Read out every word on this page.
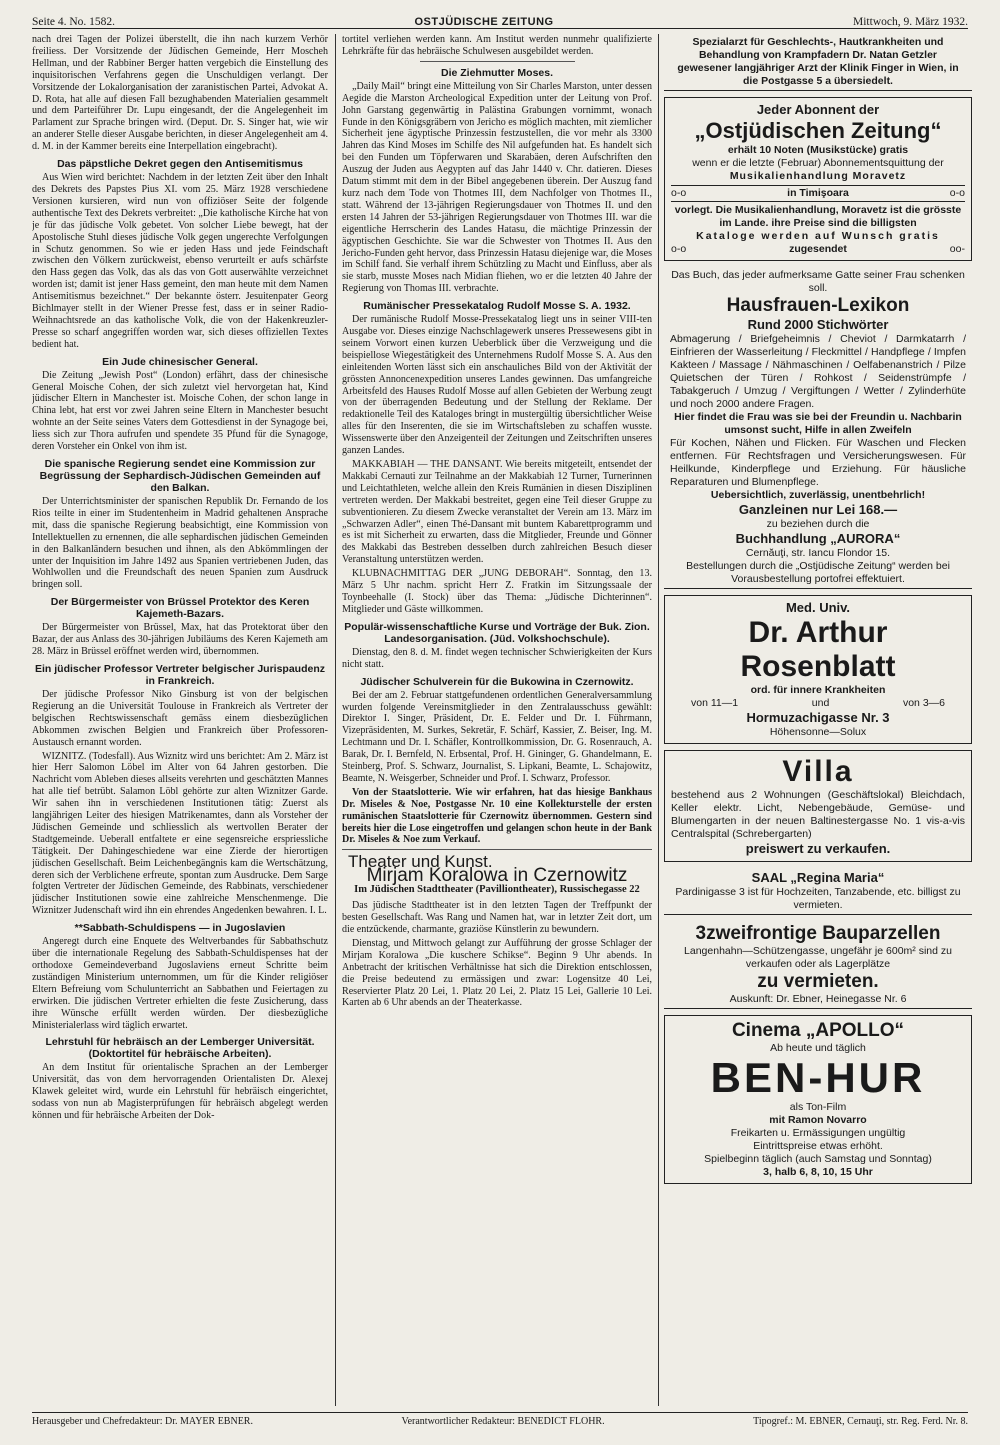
Seite 4. No. 1582.	OSTJÜDISCHE ZEITUNG	Mittwoch, 9. März 1932.

nach drei Tagen der Polizei überstellt, die ihn nach kurzem Verhör freiliess. Der Vorsitzende der Jüdischen Gemeinde, Herr Moscheh Hellman, und der Rabbiner Berger hatten vergebich die Einstellung des inquisitorischen Verfahrens gegen die Unschuldigen verlangt. Der Vorsitzende der Lokalorganisation der zaranistischen Partei, Advokat A. D. Rota, hat alle auf diesen Fall bezughabenden Materialien gesammelt und dem Parteiführer Dr. Lupu eingesandt, der die Angelegenheit im Parlament zur Sprache bringen wird. (Deput. Dr. S. Singer hat, wie wir an anderer Stelle dieser Ausgabe berichten, in dieser Angelegenheit am 4. d. M. in der Kammer bereits eine Interpellation eingebracht).

Das päpstliche Dekret gegen den Antisemitismus

Aus Wien wird berichtet: Nachdem in der letzten Zeit über den Inhalt des Dekrets des Papstes Pius XI. vom 25. März 1928 verschiedene Versionen kursieren, wird nun von offiziöser Seite der folgende authentische Text des Dekrets verbreitet: „Die katholische Kirche hat von je für das jüdische Volk gebetet. Von solcher Liebe bewegt, hat der Apostolische Stuhl dieses jüdische Volk gegen ungerechte Verfolgungen in Schutz genommen. So wie er jeden Hass und jede Feindschaft zwischen den Völkern zurückweist, ebenso verurteilt er aufs schärfste den Hass gegen das Volk, das als das von Gott auserwählte verzeichnet worden ist; damit ist jener Hass gemeint, den man heute mit dem Namen Antisemitismus bezeichnet.“ Der bekannte österr. Jesuitenpater Georg Bichlmayer stellt in der Wiener Presse fest, dass er in seiner Radio-Weihnachtsrede an das katholische Volk, die von der Hakenkreuzler-Presse so scharf angegriffen worden war, sich dieses offiziellen Textes bedient hat.

Ein Jude chinesischer General.

Die Zeitung „Jewish Post“ (London) erfährt, dass der chinesische General Moische Cohen, der sich zuletzt viel hervorgetan hat, Kind jüdischer Eltern in Manchester ist. Moische Cohen, der schon lange in China lebt, hat erst vor zwei Jahren seine Eltern in Manchester besucht wohnte an der Seite seines Vaters dem Gottesdienst in der Synagoge bei, liess sich zur Thora aufrufen und spendete 35 Pfund für die Synagoge, deren Vorsteher ein Onkel von ihm ist.

Die spanische Regierung sendet eine Kommission zur Begrüssung der Sephardisch-Jüdischen Gemeinden auf den Balkan.

Der Unterrichtsminister der spanischen Republik Dr. Fernando de los Rios teilte in einer im Studentenheim in Madrid gehaltenen Ansprache mit, dass die spanische Regierung beabsichtigt, eine Kommission von Intellektuellen zu ernennen, die alle sephardischen jüdischen Gemeinden in den Balkanländern besuchen und ihnen, als den Abkömmlingen der unter der Inquisition im Jahre 1492 aus Spanien vertriebenen Juden, das Wohlwollen und die Freundschaft des neuen Spanien zum Ausdruck bringen soll.

Der Bürgermeister von Brüssel Protektor des Keren Kajemeth-Bazars.

Der Bürgermeister von Brüssel, Max, hat das Protektorat über den Bazar, der aus Anlass des 30-jährigen Jubiläums des Keren Kajemeth am 28. März in Brüssel eröffnet werden wird, übernommen.

Ein jüdischer Professor Vertreter belgischer Jurispaudenz in Frankreich.

Der jüdische Professor Niko Ginsburg ist von der belgischen Regierung an die Universität Toulouse in Frankreich als Vertreter der belgischen Rechtswissenschaft gemäss einem diesbezüglichen Abkommen zwischen Belgien und Frankreich über Professoren-Austausch ernannt worden.

WIZNITZ. (Todesfall). Aus Wiznitz wird uns berichtet: Am 2. März ist hier Herr Salomon Löbel im Alter von 64 Jahren gestorben. Die Nachricht vom Ableben dieses allseits verehrten und geschätzten Mannes hat alle tief betrübt. Salamon Löbl gehörte zur alten Wiznitzer Garde. Wir sahen ihn in verschiedenen Institutionen tätig: Zuerst als langjährigen Leiter des hiesigen Matrikenamtes, dann als Vorsteher der Jüdischen Gemeinde und schliesslich als wertvollen Berater der Stadtgemeinde. Ueberall entfaltete er eine segensreiche erspriessliche Tätigkeit. Der Dahingeschiedene war eine Zierde der hierortigen jüdischen Gesellschaft. Beim Leichenbegängnis kam die Wertschätzung, deren sich der Verblichene erfreute, spontan zum Ausdrucke. Dem Sarge folgten Vertreter der Jüdischen Gemeinde, des Rabbinats, verschiedener jüdischer Institutionen sowie eine zahlreiche Menschenmenge. Die Wiznitzer Judenschaft wird ihn ein ehrendes Angedenken bewahren. I. L.

**Sabbath-Schuldispens — in Jugoslavien

Angeregt durch eine Enquete des Weltverbandes für Sabbathschutz über die internationale Regelung des Sabbath-Schuldispenses hat der orthodoxe Gemeindeverband Jugoslaviens erneut Schritte beim zuständigen Ministerium unternommen, um für die Kinder religiöser Eltern Befreiung vom Schulunterricht an Sabbathen und Feiertagen zu erwirken. Die jüdischen Vertreter erhielten die feste Zusicherung, dass ihre Wünsche erfüllt werden würden. Der diesbezügliche Ministerialerlass wird täglich erwartet.

Lehrstuhl für hebräisch an der Lemberger Universität. (Doktortitel für hebräische Arbeiten).

An dem Institut für orientalische Sprachen an der Lemberger Universität, das von dem hervorragenden Orientalisten Dr. Alexej Klawek geleitet wird, wurde ein Lehrstuhl für hebräisch eingerichtet, sodass von nun ab Magisterprüfungen für hebräisch abgelegt werden können und für hebräische Arbeiten der Dok-

tortitel verliehen werden kann. Am Institut werden nunmehr qualifizierte Lehrkräfte für das hebräische Schulwesen ausgebildet werden.

Die Ziehmutter Moses.

„Daily Mail“ bringt eine Mitteilung von Sir Charles Marston, unter dessen Aegide die Marston Archeological Expedition unter der Leitung von Prof. John Garstang gegenwärtig in Palästina Grabungen vornimmt, wonach Funde in den Königsgräbern von Jericho es möglich machten, mit ziemlicher Sicherheit jene ägyptische Prinzessin festzustellen, die vor mehr als 3300 Jahren das Kind Moses im Schilfe des Nil aufgefunden hat. Es handelt sich bei den Funden um Töpferwaren und Skarabäen, deren Aufschriften den Auszug der Juden aus Aegypten auf das Jahr 1440 v. Chr. datieren. Dieses Datum stimmt mit dem in der Bibel angegebenen überein. Der Auszug fand kurz nach dem Tode von Thotmes III, dem Nachfolger von Thotmes II., statt. Während der 13-jährigen Regierungsdauer von Thotmes II. und den ersten 14 Jahren der 53-jährigen Regierungsdauer von Thotmes III. war die eigentliche Herrscherin des Landes Hatasu, die mächtige Prinzessin der ägyptischen Geschichte. Sie war die Schwester von Thotmes II. Aus den Jericho-Funden geht hervor, dass Prinzessin Hatasu diejenige war, die Moses im Schilf fand. Sie verhalf ihrem Schützling zu Macht und Einfluss, aber als sie starb, musste Moses nach Midian fliehen, wo er die letzten 40 Jahre der Regierung von Thomas III. verbrachte.

Rumänischer Pressekatalog Rudolf Mosse S. A. 1932.

Der rumänische Rudolf Mosse-Pressekatalog liegt uns in seiner VIII-ten Ausgabe vor. Dieses einzige Nachschlagewerk unseres Pressewesens gibt in seinem Vorwort einen kurzen Ueberblick über die Verzweigung und die beispiellose Wiegestätigkeit des Unternehmens Rudolf Mosse S. A. Aus den einleitenden Worten lässt sich ein anschauliches Bild von der Aktivität der grössten Annoncenexpedition unseres Landes gewinnen. Das umfangreiche Arbeitsfeld des Hauses Rudolf Mosse auf allen Gebieten der Werbung zeugt von der überragenden Bedeutung und der Stellung der Reklame. Der redaktionelle Teil des Kataloges bringt in mustergültig übersichtlicher Weise alles für den Inserenten, die sie im Wirtschaftsleben zu schaffen wusste. Wissenswerte über den Anzeigenteil der Zeitungen und Zeitschriften unseres ganzen Landes.

MAKKABIAH — THE DANSANT. Wie bereits mitgeteilt, entsendet der Makkabi Cernauti zur Teilnahme an der Makkabiah 12 Turner, Turnerinnen und Leichtathleten, welche allein den Kreis Rumänien in diesen Disziplinen vertreten werden. Der Makkabi bestreitet, gegen eine Teil dieser Gruppe zu subventionieren. Zu diesem Zwecke veranstaltet der Verein am 13. März im „Schwarzen Adler“, einen Thé-Dansant mit buntem Kabarettprogramm und es ist mit Sicherheit zu erwarten, dass die Mitglieder, Freunde und Gönner des Makkabi das Bestreben desselben durch zahlreichen Besuch dieser Veranstaltung unterstützen werden.

KLUBNACHMITTAG DER „JUNG DEBORAH“. Sonntag, den 13. März 5 Uhr nachm. spricht Herr Z. Fratkin im Sitzungssaale der Toynbeehalle (I. Stock) über das Thema: „Jüdische Dichterinnen“. Mitglieder und Gäste willkommen.

Populär-wissenschaftliche Kurse und Vorträge der Buk. Zion. Landesorganisation. (Jüd. Volkshochschule).

Dienstag, den 8. d. M. findet wegen technischer Schwierigkeiten der Kurs nicht statt.

Jüdischer Schulverein für die Bukowina in Czernowitz.

Bei der am 2. Februar stattgefundenen ordentlichen Generalversammlung wurden folgende Vereinsmitglieder in den Zentralausschuss gewählt: Direktor I. Singer, Präsident, Dr. E. Felder und Dr. I. Führmann, Vizepräsidenten, M. Surkes, Sekretär, F. Schärf, Kassier, Z. Beiser, Ing. M. Lechtmann und Dr. I. Schäfler, Kontrollkommission, Dr. G. Rosenrauch, A. Barak, Dr. I. Bernfeld, N. Erbsental, Prof. H. Gininger, G. Ghandelmann, E. Steinberg, Prof. S. Schwarz, Journalist, S. Lipkani, Beamte, L. Schajowitz, Beamte, N. Weisgerber, Schneider und Prof. I. Schwarz, Professor.

Von der Staatslotterie. Wie wir erfahren, hat das hiesige Bankhaus Dr. Miseles & Noe, Postgasse Nr. 10 eine Kollekturstelle der ersten rumänischen Staatslotterie für Czernowitz übernommen. Gestern sind bereits hier die Lose eingetroffen und gelangen schon heute in der Bank Dr. Miseles & Noe zum Verkauf.

Theater und Kunst.
Mirjam Koralowa in Czernowitz
Im Jüdischen Stadttheater (Pavilliontheater), Russischegasse 22

Das jüdische Stadttheater ist in den letzten Tagen der Treffpunkt der besten Gesellschaft. Was Rang und Namen hat, war in letzter Zeit dort, um die entzückende, charmante, graziöse Künstlerin zu bewundern.

Dienstag, und Mittwoch gelangt zur Aufführung der grosse Schlager der Mirjam Koralowa „Die kuschere Schikse“. Beginn 9 Uhr abends. In Anbetracht der kritischen Verhältnisse hat sich die Direktion entschlossen, die Preise bedeutend zu ermässigen und zwar: Logensitze 40 Lei, Reservierter Platz 20 Lei, 1. Platz 20 Lei, 2. Platz 15 Lei, Gallerie 10 Lei. Karten ab 6 Uhr abends an der Theaterkasse.

Spezialarzt für Geschlechts-, Hautkrankheiten und Behandlung von Krampfadern Dr. Natan Getzler
gewesener langjähriger Arzt der Klinik Finger in Wien, in die Postgasse 5 a übersiedelt.
Jeder Abonnent der
„Ostjüdischen Zeitung“
erhält 10 Noten (Musikstücke) gratis
wenn er die letzte (Februar) Abonnementsquittung der
Musikalienhandlung Moravetz
o-o	in Timişoara	o-o
vorlegt. Die Musikalienhandlung, Moravetz ist die grösste im Lande. ihre Preise sind die billigsten
Kataloge werden auf Wunsch gratis
o-o	zugesendet	oo-
Das Buch, das jeder aufmerksame Gatte seiner Frau schenken soll.
Hausfrauen-Lexikon
Rund 2000 Stichwörter
Abmagerung / Briefgeheimnis / Cheviot / Darmkatarrh / Einfrieren der Wasserleitung / Fleckmittel / Handpflege / Impfen Kakteen / Massage / Nähmaschinen / Oelfabenanstrich / Pilze Quietschen der Türen / Rohkost / Seidenstrümpfe / Tabakgeruch / Umzug / Vergiftungen / Wetter / Zylinderhüte und noch 2000 andere Fragen.
Hier findet die Frau was sie bei der Freundin u. Nachbarin umsonst sucht, Hilfe in allen Zweifeln
Für Kochen, Nähen und Flicken. Für Waschen und Flecken entfernen. Für Rechtsfragen und Versicherungswesen. Für Heilkunde, Kinderpflege und Erziehung. Für häusliche Reparaturen und Blumenpflege.
Uebersichtlich, zuverlässig, unentbehrlich!
Ganzleinen nur Lei 168.—
zu beziehen durch die
Buchhandlung „AURORA“
Cernăuţi, str. Iancu Flondor 15.
Bestellungen durch die „Ostjüdische Zeitung“ werden bei Vorausbestellung portofrei effektuiert.
Med. Univ.
Dr. Arthur Rosenblatt
ord. für innere Krankheiten
von 11—1	und	von 3—6
Hormuzachigasse Nr. 3
Höhensonne—Solux
Villa
bestehend aus 2 Wohnungen (Geschäftslokal) Bleichdach, Keller elektr. Licht, Nebengebäude, Gemüse- und Blumengarten in der neuen Baltinestergasse No. 1 vis-a-vis Centralspital (Schrebergarten)
preiswert zu verkaufen.
SAAL „Regina Maria“
Pardinigasse 3 ist für Hochzeiten, Tanzabende, etc. billigst zu vermieten.
3zweifrontige Bauparzellen
Langenhahn—Schützengasse, ungefähr je 600m² sind zu verkaufen oder als Lagerplätze
zu vermieten.
Auskunft: Dr. Ebner, Heinegasse Nr. 6
Cinema „APOLLO“
Ab heute und täglich
BEN-HUR
als Ton-Film
mit Ramon Novarro
Freikarten u. Ermässigungen ungültig
Eintrittspreise etwas erhöht.
Spielbeginn täglich (auch Samstag und Sonntag)
3, halb 6, 8, 10, 15 Uhr
Herausgeber und Chefredakteur: Dr. MAYER EBNER.	Verantwortlicher Redakteur: BENEDICT FLOHR.	Tipogref.: M. EBNER, Cernauţi, str. Reg. Ferd. Nr. 8.
